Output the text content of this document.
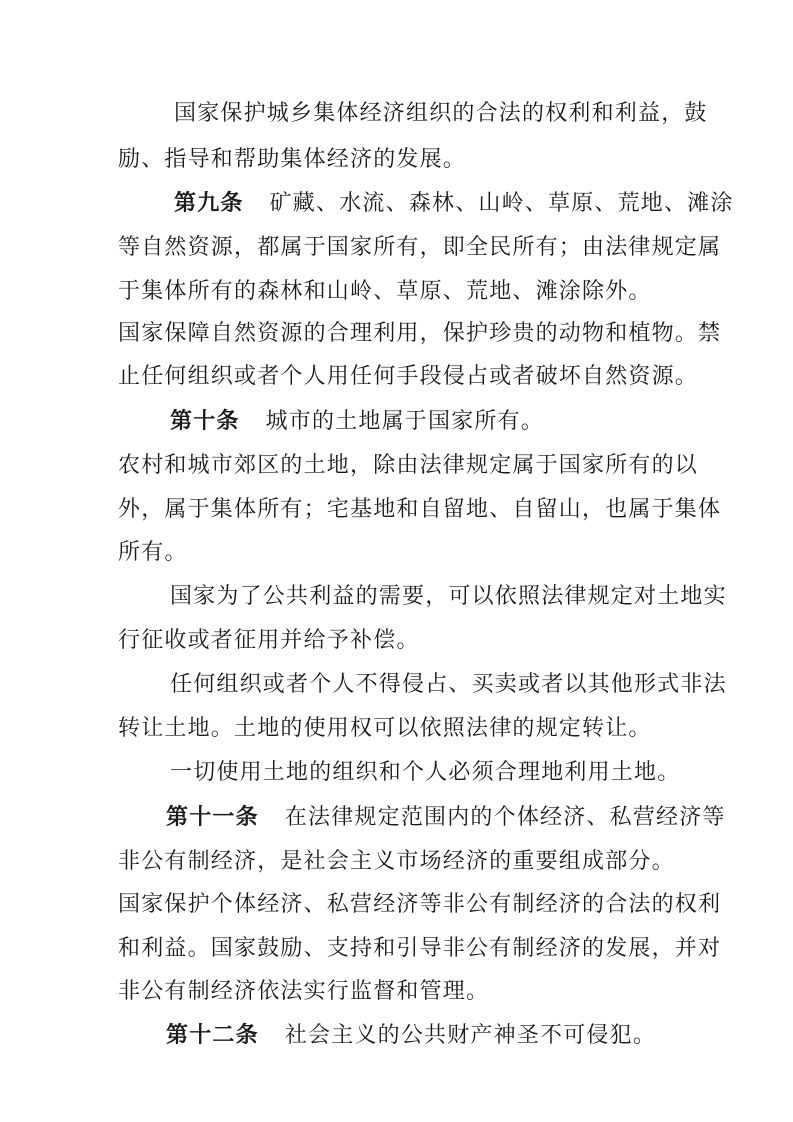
国家保护城乡集体经济组织的合法的权利和利益，鼓
励、指导和帮助集体经济的发展。
第九条 矿藏、水流、森林、山岭、草原、荒地、滩涂
等自然资源，都属于国家所有，即全民所有；由法律规定属
于集体所有的森林和山岭、草原、荒地、滩涂除外。
国家保障自然资源的合理利用，保护珍贵的动物和植物。禁
止任何组织或者个人用任何手段侵占或者破坏自然资源。
第十条 城市的土地属于国家所有。
农村和城市郊区的土地，除由法律规定属于国家所有的以
外，属于集体所有；宅基地和自留地、自留山，也属于集体
所有。
国家为了公共利益的需要，可以依照法律规定对土地实
行征收或者征用并给予补偿。
任何组织或者个人不得侵占、买卖或者以其他形式非法
转让土地。土地的使用权可以依照法律的规定转让。
一切使用土地的组织和个人必须合理地利用土地。
第十一条 在法律规定范围内的个体经济、私营经济等
非公有制经济，是社会主义市场经济的重要组成部分。
国家保护个体经济、私营经济等非公有制经济的合法的权利
和利益。国家鼓励、支持和引导非公有制经济的发展，并对
非公有制经济依法实行监督和管理。
第十二条 社会主义的公共财产神圣不可侵犯。
